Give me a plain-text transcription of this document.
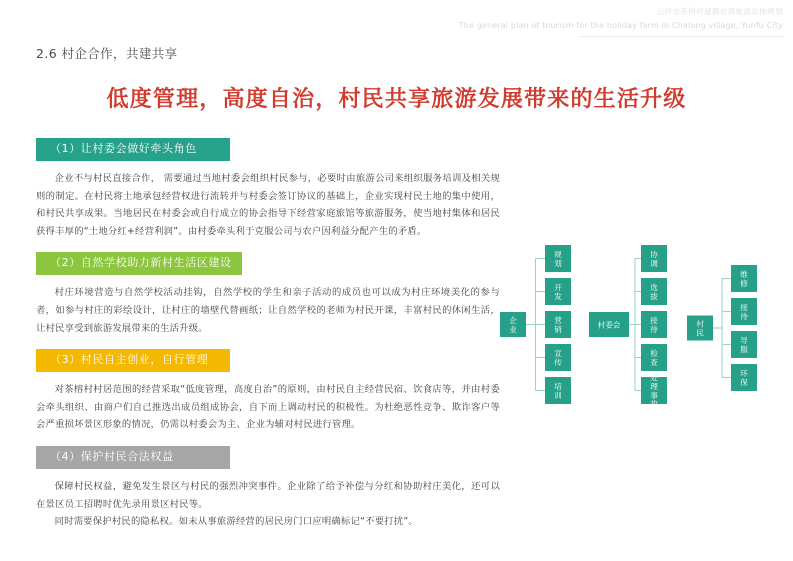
云浮市茶榕村度假农场旅游总体规划
The general plan of tourism for the holiday farm in Chalong village, Yunfu City
2.6 村企合作，共建共享
低度管理，高度自治，村民共享旅游发展带来的生活升级
（1）让村委会做好牵头角色

企业不与村民直接合作， 需要通过当地村委会组织村民参与，必要时由旅游公司来组织服务培训及相关规则的制定。在村民将土地承包经营权进行流转并与村委会签订协议的基础上，企业实现村民土地的集中使用，和村民共享成果。当地居民在村委会或自行成立的协会指导下经营家庭旅馆等旅游服务，使当地村集体和居民获得丰厚的“土地分红+经营利润”。由村委牵头利于克服公司与农户因利益分配产生的矛盾。

（2）自然学校助力新村生活区建设

村庄环境营造与自然学校活动挂钩，自然学校的学生和亲子活动的成员也可以成为村庄环境美化的参与者，如参与村庄的彩绘设计，让村庄的墙壁代替画纸；让自然学校的老师为村民开课，丰富村民的休闲生活，让村民享受到旅游发展带来的生活升级。

（3）村民自主创业，自行管理

对茶榕村村居范围的经营采取“低度管理，高度自治”的原则，由村民自主经营民宿、饮食店等，并由村委会牵头组织、由商户们自己推选出成员组成协会，自下而上调动村民的积极性。为杜绝恶性竞争、欺诈客户等会严重损坏景区形象的情况，仍需以村委会为主、企业为辅对村民进行管理。

（4）保护村民合法权益

保障村民权益，避免发生景区与村民的强烈冲突事件。企业除了给予补偿与分红和协助村庄美化，还可以在景区员工招聘时优先录用景区村民等。

同时需要保护村民的隐私权。如未从事旅游经营的居民房门口应明确标记“不要打扰”。

企
业
规
划
开
发
营
销
宣
传
培
训
村委会
协
调
选
拔
接
待
检
查
处
理
事
故
村
民
维
修
接
待
导
服
环
保
